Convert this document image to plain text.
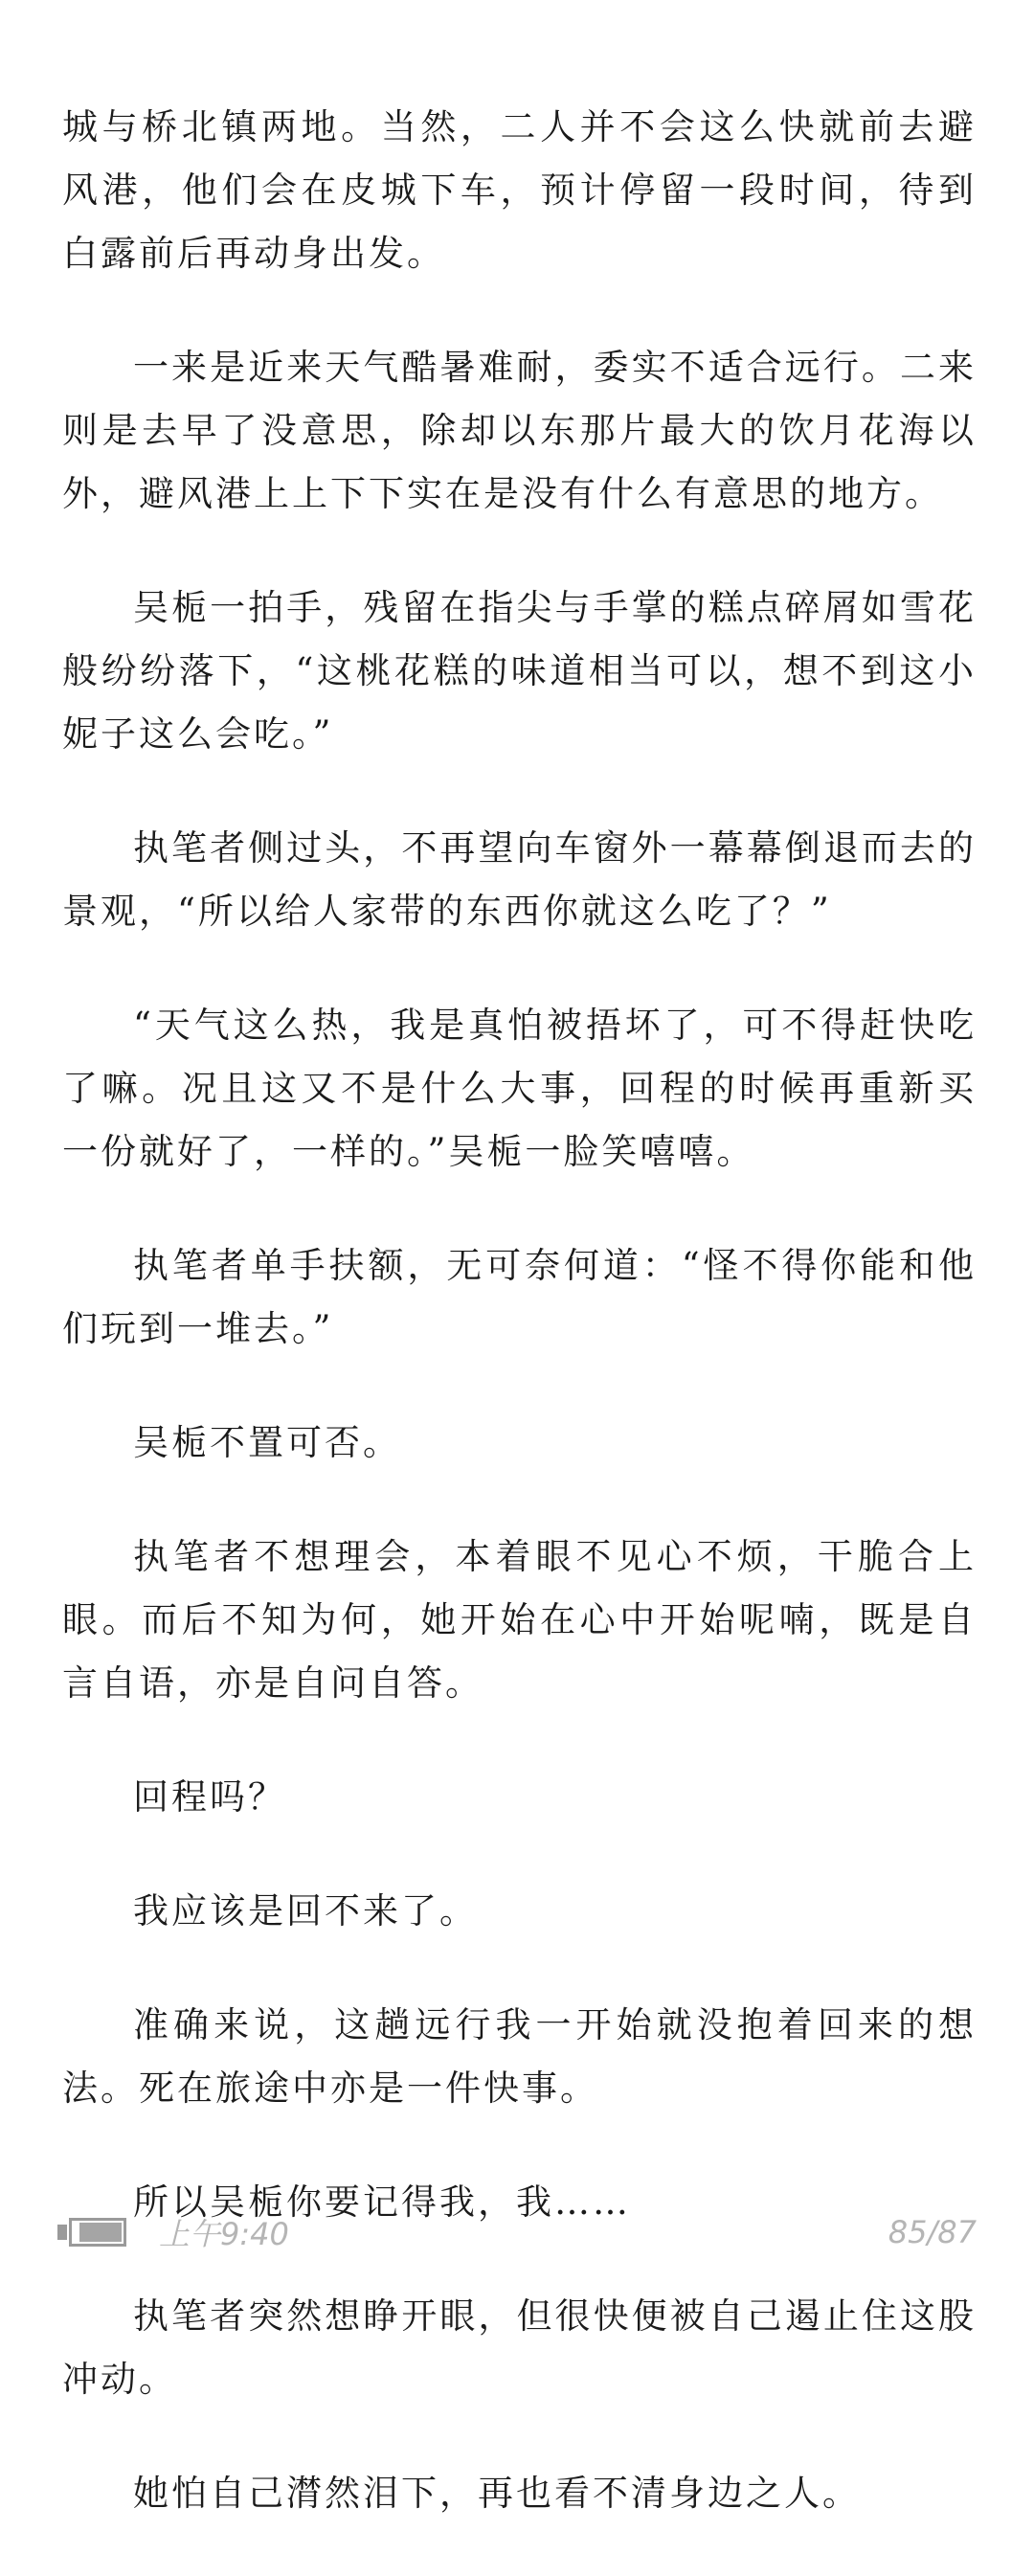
城与桥北镇两地。当然，二人并不会这么快就前去避风港，他们会在皮城下车，预计停留一段时间，待到白露前后再动身出发。

一来是近来天气酷暑难耐，委实不适合远行。二来则是去早了没意思，除却以东那片最大的饮月花海以外，避风港上上下下实在是没有什么有意思的地方。

吴栀一拍手，残留在指尖与手掌的糕点碎屑如雪花般纷纷落下，“这桃花糕的味道相当可以，想不到这小妮子这么会吃。”

执笔者侧过头，不再望向车窗外一幕幕倒退而去的景观，“所以给人家带的东西你就这么吃了？”

“天气这么热，我是真怕被捂坏了，可不得赶快吃了嘛。况且这又不是什么大事，回程的时候再重新买一份就好了，一样的。”吴栀一脸笑嘻嘻。

执笔者单手扶额，无可奈何道：“怪不得你能和他们玩到一堆去。”

吴栀不置可否。

执笔者不想理会，本着眼不见心不烦，干脆合上眼。而后不知为何，她开始在心中开始呢喃，既是自言自语，亦是自问自答。

回程吗？

我应该是回不来了。

准确来说，这趟远行我一开始就没抱着回来的想法。死在旅途中亦是一件快事。

所以吴栀你要记得我，我……

执笔者突然想睁开眼，但很快便被自己遏止住这股冲动。

她怕自己潸然泪下，再也看不清身边之人。

上午9:40	85/87
